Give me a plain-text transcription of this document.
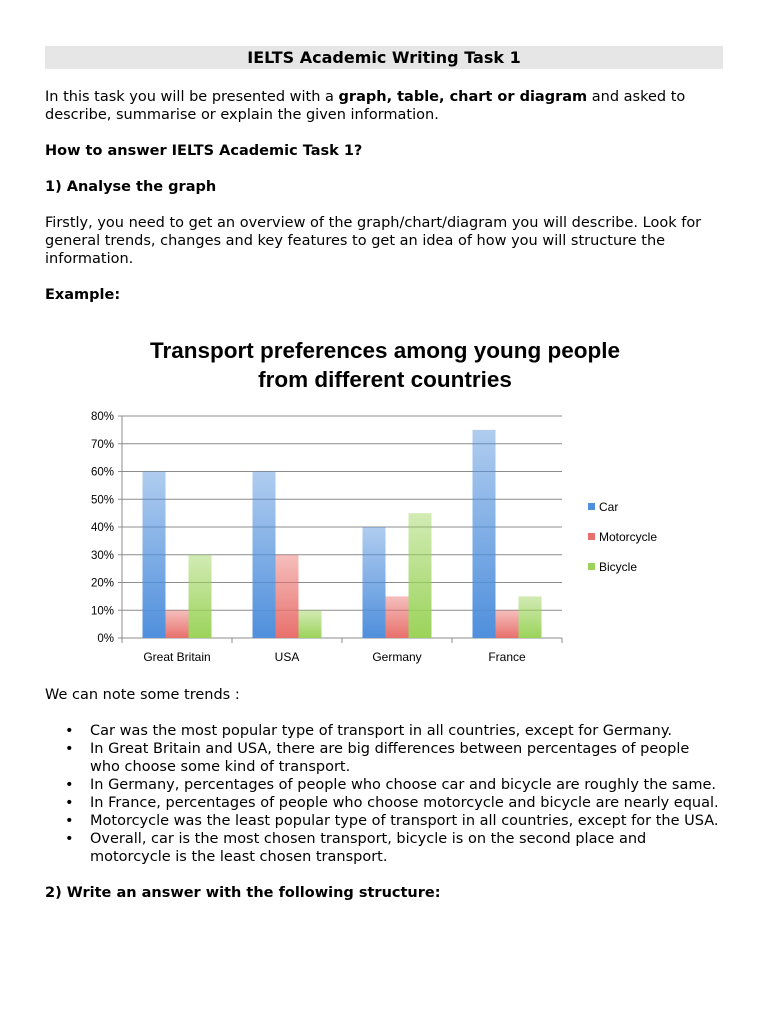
IELTS Academic Writing Task 1

In this task you will be presented with a graph, table, chart or diagram and asked to describe, summarise or explain the given information.

How to answer IELTS Academic Task 1?

1) Analyse the graph

Firstly, you need to get an overview of the graph/chart/diagram you will describe. Look for general trends, changes and key features to get an idea of how you will structure the information.

Example:

Transport preferences among young people
from different countries
0%
10%
20%
30%
40%
50%
60%
70%
80%
Great Britain	USA	Germany	France
Car
Motorcycle
Bicycle

We can note some trends :

• Car was the most popular type of transport in all countries, except for Germany.
• In Great Britain and USA, there are big differences between percentages of people who choose some kind of transport.
• In Germany, percentages of people who choose car and bicycle are roughly the same.
• In France, percentages of people who choose motorcycle and bicycle are nearly equal.
• Motorcycle was the least popular type of transport in all countries, except for the USA.
• Overall, car is the most chosen transport, bicycle is on the second place and motorcycle is the least chosen transport.

2) Write an answer with the following structure:
